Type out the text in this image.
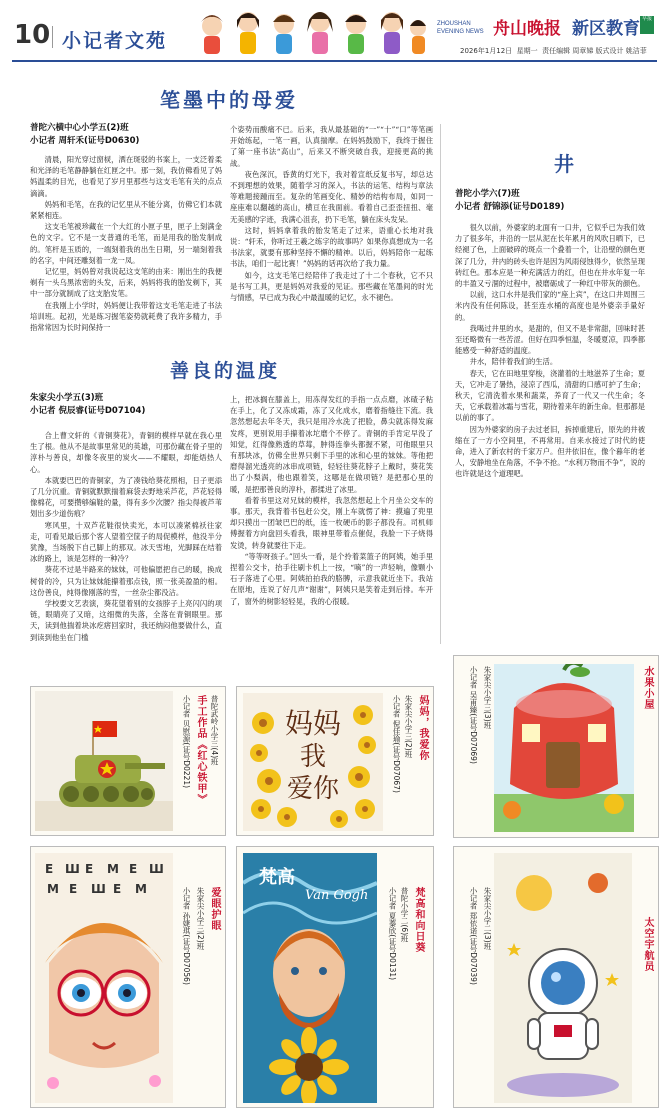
10 小记者文苑
ZHOUSHAN
EVENING NEWS 舟山晚报 新区教育 早报
2026年1月12日 星期一 责任编辑 周章娣 版式设计 姚洁菲
笔墨中的母爱
普陀六横中心小学五(2)班
小记者 周轩禾(证号D0630)

清晨，阳光穿过窗棂，洒在斑驳的书案上，一支泛着柔和光泽的毛笔静静躺在红匣之中。那一刻，我仿佛看见了妈妈温柔的目光，也看见了岁月里那些与这支毛笔有关的点点滴滴。

妈妈和毛笔，在我的记忆里从不能分离，仿佛它们本就紧紧相连。

这支毛笔被珍藏在一个大红的小匣子里，匣子上刻满金色的文字。它不是一支普通的毛笔，而是用我的胎发制成的。笔杆是玉质的，一端刻着我的出生日期，另一端刻着我的名字，中间还雕刻着一龙一凤。

记忆里，妈妈曾对我说起这支笔的由来：刚出生的我便剃有一头乌黑浓密的头发，后来，妈妈将我的胎发剃下，其中一部分就制成了这支胎发笔。

在我刚上小学时，妈妈便让我带着这支毛笔走进了书法培训班。起初，光是练习握笔姿势就耗费了我许多精力，手指常常因为长时间保持一

个姿势而酸痛不已。后来，我从最基础的“一”“十”“口”等笔画开始练起，一笔一画，认真揣摩。在妈妈鼓励下，我终于握住了第一座书法“高山”，后来又不断突破自我，迎接更高的挑战。

夜色深沉，昏黄的灯光下，我对着宣纸反复书写，却总达不到理想的效果，随着学习的深入，书法的运笔、结构与章法等难题接踵而至。复杂的笔画变化、精妙的结构布局，如同一座座难以翻越的高山，横亘在我面前。看着自己歪歪扭扭、毫无美感的字迹，我满心沮丧，扔下毛笔，躺在床头发呆。

这时，妈妈拿着我的胎发笔走了过来，语重心长地对我说：“轩禾，你听过王羲之练字的故事吗？如果你真想成为一名书法家，就要有那种坚持不懈的精神。以后，妈妈陪你一起练书法，咱们一起比赛！”妈妈的话再次给了我力量。

如今，这支毛笔已经陪伴了我走过了十二个春秋，它不只是书写工具，更是妈妈对我爱的见证。那些藏在笔墨间的时光与情感，早已成为我心中最温暖的记忆，永不褪色。

善良的温度
朱家尖小学五(3)班
小记者 倪辰睿(证号D07104)

合上曹文轩的《青铜葵花》，青铜的模样早就在我心里生了根。他从不是故事里常见的英雄，可那份藏在骨子里的淳朴与善良，却像冬夜里的炭火——不耀眼，却能焐热人心。

本就要巴巴的青铜家，为了凑钱给葵花照相，日子更添了几分沉重。青铜就默默揣着麻袋去野地采芦花，芦花轻得像棉花，可要攒够编鞋的量，得有多少次腰？指尖得被芦苇划出多少道伤痕？

寒风里，十双芦花鞋很快卖光，本可以凑紧棉袄往家走，可看见最后那个客人望着空筐子的局促模样，他没半分犹豫，当场脱下自己脚上的那双。冰天雪地，光脚踩在结着冰的路上，该是怎样的一种冷？

葵花不过是半路来的妹妹，可他偏愿把自己的暖，换成树骨的冷，只为让妹妹能攥着那点钱，照一张美盈盈的相。这份善良，纯得像刚落的雪，一丝杂尘都没沾。

学校要文艺表演，葵花望着别的女孩脖子上亮闪闪的项链，眼睛亮了又暗，这细微的失落，全落在青铜眼里。那天，读到他揣着块冰疙瘩回家时，我还纳闷他要做什么，直到读到他坐在门槛

上，把冰搁在膝盖上，用冻得发红的手指一点点磨，冰碴子粘在手上，化了又冻成霜，冻了又化成水，磨着指缝往下流。我忽然想起去年冬天，我只是用冷水洗了把脸，鼻尖就冻得发麻发疼，更别说用手攥着冰坨磨个不停了。青铜的手肯定早没了知觉，红得像熟透的草莓，肿得连拳头都握不紧，可他眼里只有那块冰，仿佛全世界只剩下手里的冰和心里的妹妹。等他把磨得溜光透亮的冰串成项链，轻轻往葵花脖子上戴时，葵花笑出了小梨涡，他也跟着笑，这哪是在做项链？是把那心里的暖，是把那善良的淳朴，都揉进了冰里。

看着书里这对兄妹的模样，我忽然想起上个月坐公交车的事。那天，我背着书包赶公交，刚上车就愣了神：摸遍了兜里却只摸出一团皱巴巴的纸，连一枚硬币的影子都没有。司机师傅握着方向盘回头看我，眼神里带着点催促，我脸一下子烧得发烫，转身就要往下走。

“等等呀孩子。”回头一看，是个拎着菜篮子的阿姨，她手里捏着公交卡，抬手往刷卡机上一按，“嘀”的一声轻响，像颗小石子落进了心里。阿姨拍拍我的胳膊，示意我就近坐下。我站在原地，连说了好几声“谢谢”，阿姨只是笑着走到后排。车开了，窗外的树影轻轻晃，我的心很暖。

井
普陀小学六(7)班
小记者 舒锦添(证号D0189)

很久以前，外婆家的北面有一口井，它似乎已为我们效力了很多年，井沿的一层从泥在长年累月的风吹日晒下，已经褪了色，上面破碎的斑点一个叠着一个，让沿壁的颜色更深了几分，井内的砖头也许是因为风雨侵蚀得少，依然呈现砖红色。那本应是一种充满活力的红，但也在井水年复一年的丰盈又亏涸的过程中，被磨砺成了一种红中带灰的颜色。

以前，这口水井是我们家的“座上宾”，在这口井周围三米内没有任何陈设，甚至连水桶的高度也是外婆亲手量好的。

我喝过井里的水，是甜的，但又不是非常甜，回味时甚至还略微有一些苦涩。但好在四季恒温，冬暖夏凉，四季都能感受一种舒适的温度。

井水，陪伴着我们的生活。

春天，它在田地里穿梭，浇灌着的土地滋养了生命；夏天，它冲走了暑热，浸凉了西瓜，清甜的口感可护了生命；秋天，它清洗着水果和蔬菜，养育了一代又一代生命；冬天，它承载着冰霜与雪花，期待着来年的新生命。但那都是以前的事了。

因为外婆家的房子去过老旧，拆掉重建后，原先的井被缩在了一方小空间里，不再常用。自来水接过了时代的使命，进入了新农村的千家万户。但井依旧在，像个暮年的老人，安静地坐在角落，不争不抢。“水利万物而不争”，说的也许就是这个道理吧。

手工作品《红心铁甲》 普陀武岭小学三(4)班
小记者 贝慰源(证号D0221)	妈妈
我
爱你
妈妈，我爱你
朱家尖小学三(2)班
小记者 倪佳瑜(证号D07067)	小记者 吴甫臻(证号D07069) 朱家尖小学三(3)班	水果小屋
E Ш E M E Ш
M E Ш E M	爱眼护眼
朱家尖小学三(2)班
小记者 孙婕琪(证号D07056)
梵高
Van Gogh	梵高和向日葵
普陀小学二(6)班
小记者 夏蓁欣(证号D0131)	小记者 郑依诺(证号D07039) 朱家尖小学二(3)班	太空宇航员
